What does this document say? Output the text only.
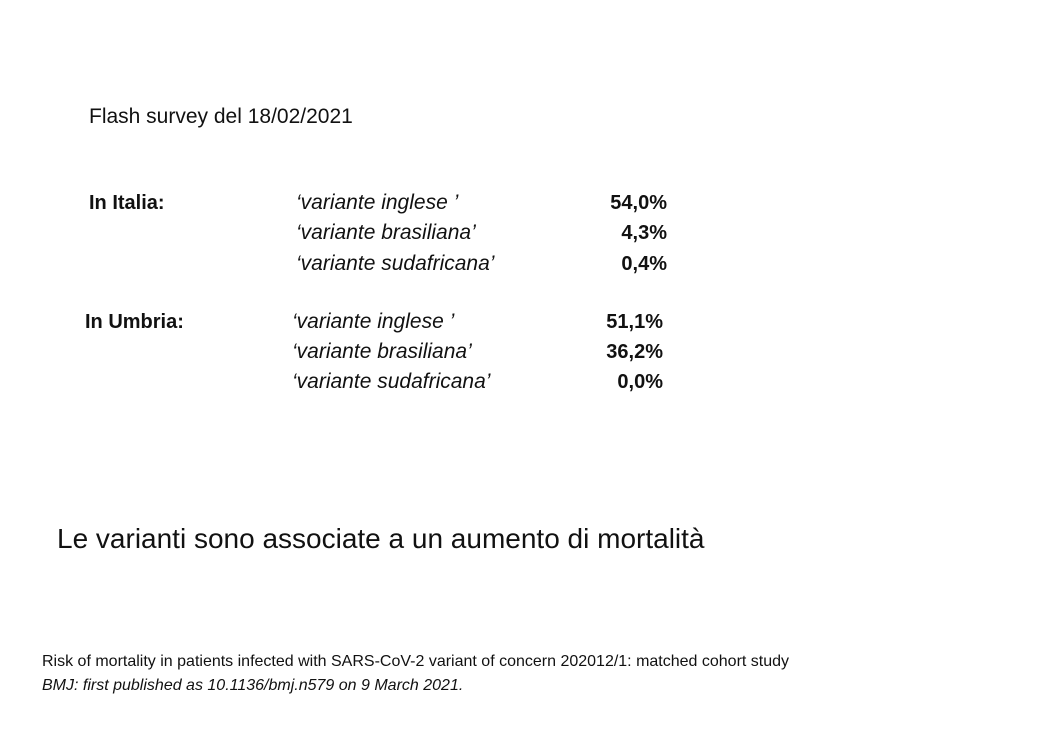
Flash survey del 18/02/2021
In Italia:	‘variante inglese ’	54,0%
‘variante brasiliana’	4,3%
‘variante sudafricana’	0,4%
In Umbria:	‘variante inglese ’	51,1%
‘variante brasiliana’	36,2%
‘variante sudafricana’	0,0%
Le varianti sono associate a un aumento di mortalità
Risk of mortality in patients infected with SARS-CoV-2 variant of concern 202012/1: matched cohort study
BMJ: first published as 10.1136/bmj.n579 on 9 March 2021.
